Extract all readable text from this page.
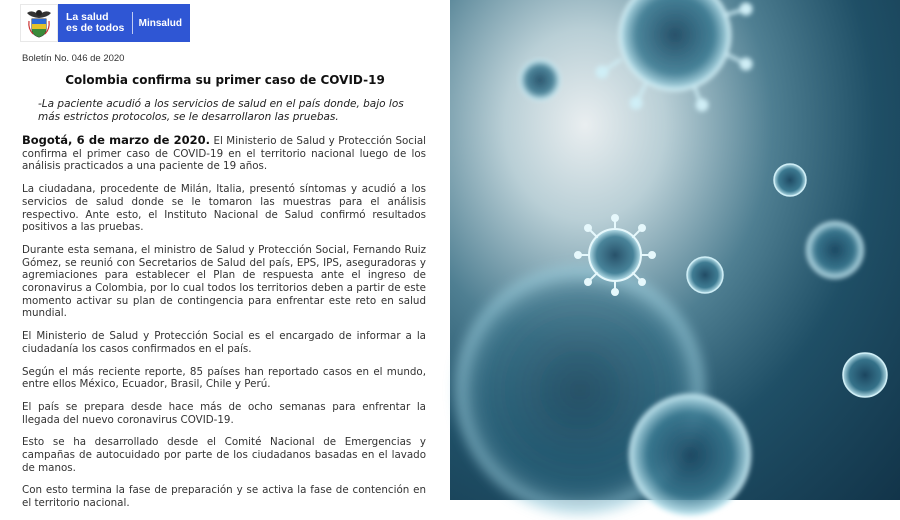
La salud
es de todos	Minsalud
Boletín No. 046 de 2020
Colombia confirma su primer caso de COVID-19
-La paciente acudió a los servicios de salud en el país donde, bajo los más estrictos protocolos, se le desarrollaron las pruebas.

Bogotá, 6 de marzo de 2020. El Ministerio de Salud y Protección Social confirma el primer caso de COVID-19 en el territorio nacional luego de los análisis practicados a una paciente de 19 años.

La ciudadana, procedente de Milán, Italia, presentó síntomas y acudió a los servicios de salud donde se le tomaron las muestras para el análisis respectivo. Ante esto, el Instituto Nacional de Salud confirmó resultados positivos a las pruebas.

Durante esta semana, el ministro de Salud y Protección Social, Fernando Ruiz Gómez, se reunió con Secretarios de Salud del país, EPS, IPS, aseguradoras y agremiaciones para establecer el Plan de respuesta ante el ingreso de coronavirus a Colombia, por lo cual todos los territorios deben a partir de este momento activar su plan de contingencia para enfrentar este reto en salud mundial.

El Ministerio de Salud y Protección Social es el encargado de informar a la ciudadanía los casos confirmados en el país.

Según el más reciente reporte, 85 países han reportado casos en el mundo, entre ellos México, Ecuador, Brasil, Chile y Perú.

El país se prepara desde hace más de ocho semanas para enfrentar la llegada del nuevo coronavirus COVID-19.

Esto se ha desarrollado desde el Comité Nacional de Emergencias y campañas de autocuidado por parte de los ciudadanos basadas en el lavado de manos.

Con esto termina la fase de preparación y se activa la fase de contención en el territorio nacional.
